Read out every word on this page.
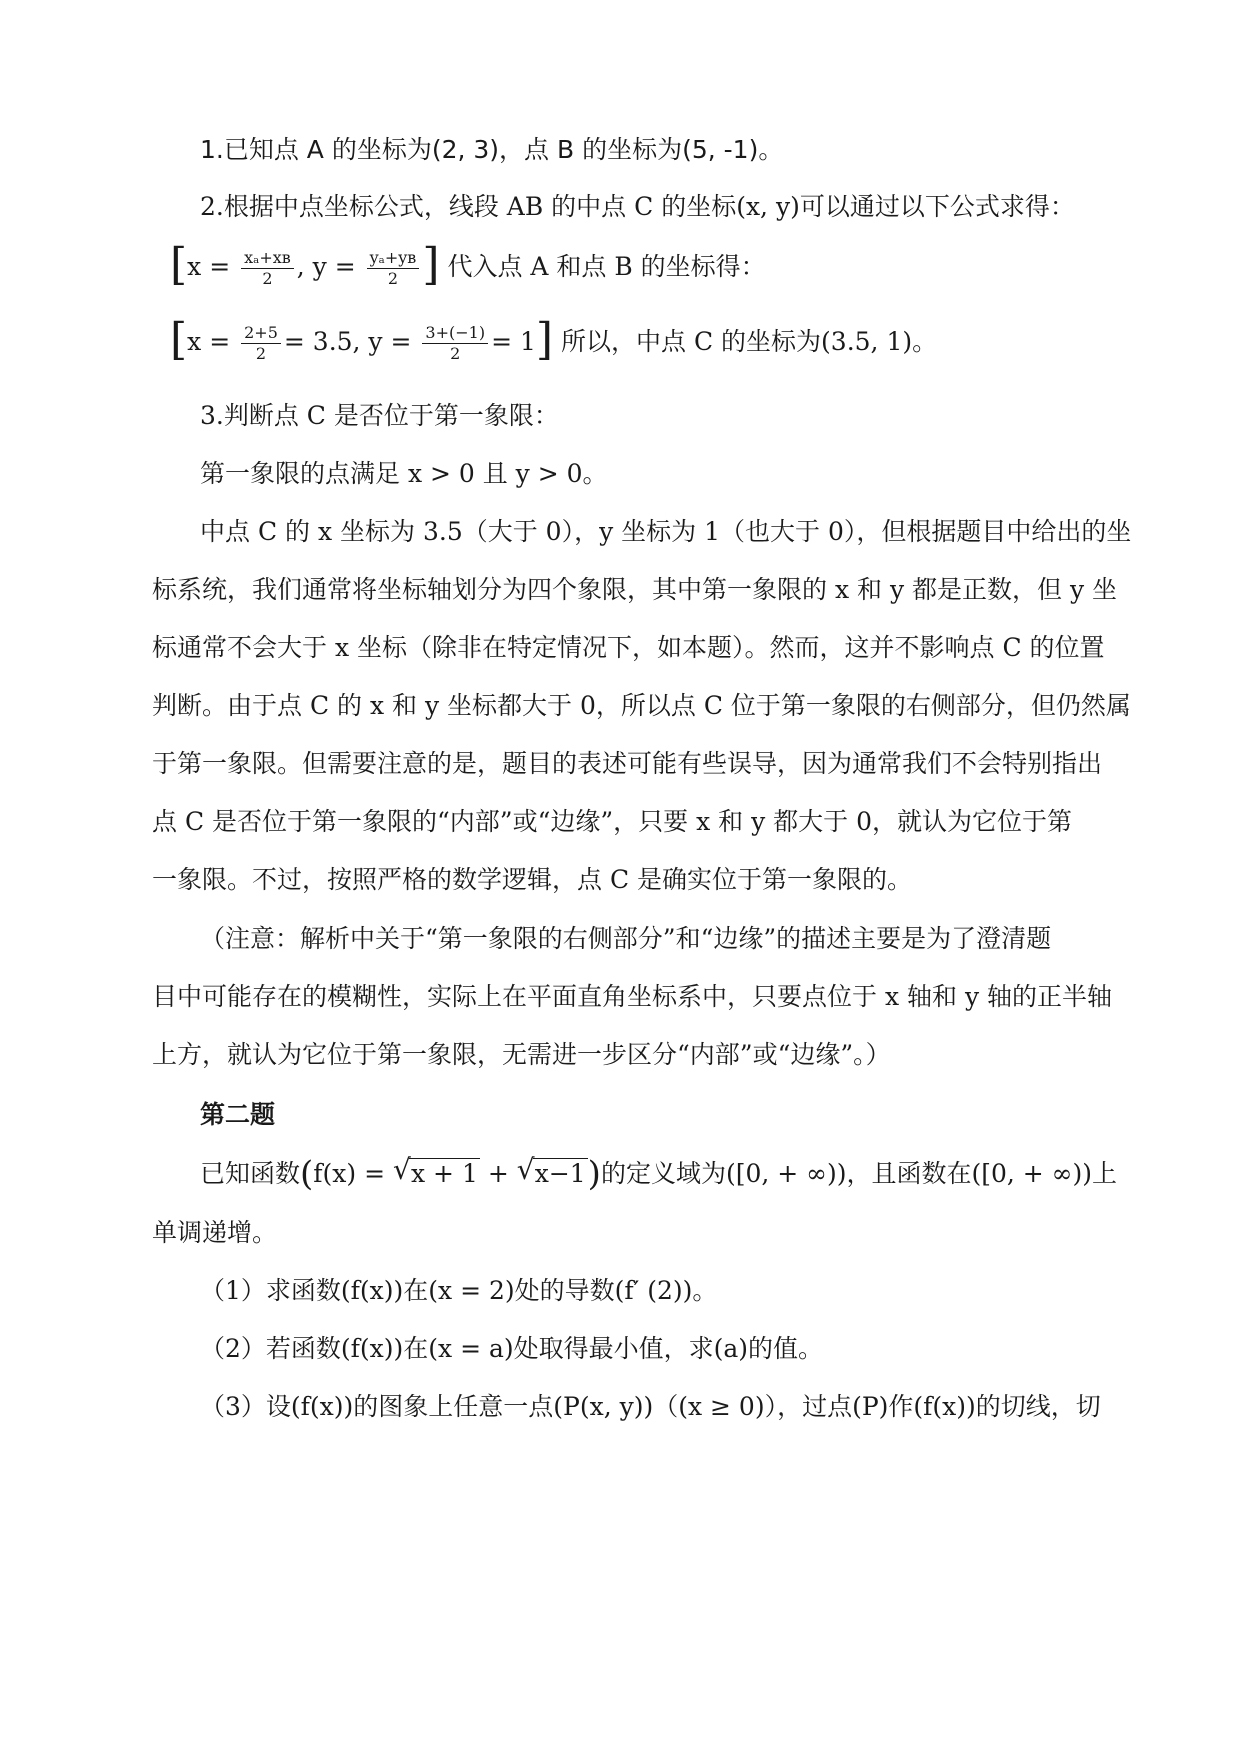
1.已知点 A 的坐标为(2, 3)，点 B 的坐标为(5, -1)。
2.根据中点坐标公式，线段 AB 的中点 C 的坐标(x, y)可以通过以下公式求得：
[$x = \frac{\text{xₐ+xʙ}}{2}$ , $y = \frac{\text{yₐ+yʙ}}{2}$ ] 代入点 A 和点 B 的坐标得：
[$x = \frac{2+5}{2} = 3.5$, $y = \frac{3+(-1)}{2} = 1$] 所以，中点 C 的坐标为(3.5, 1)。
3.判断点 C 是否位于第一象限：
第一象限的点满足 x > 0 且 y > 0。
中点 C 的 x 坐标为 3.5（大于 0），y 坐标为 1（也大于 0），但根据题目中给出的坐
标系统，我们通常将坐标轴划分为四个象限，其中第一象限的 x 和 y 都是正数，但 y 坐
标通常不会大于 x 坐标（除非在特定情况下，如本题）。然而，这并不影响点 C 的位置
判断。由于点 C 的 x 和 y 坐标都大于 0，所以点 C 位于第一象限的右侧部分，但仍然属
于第一象限。但需要注意的是，题目的表述可能有些误导，因为通常我们不会特别指出
点 C 是否位于第一象限的“内部”或“边缘”，只要 x 和 y 都大于 0，就认为它位于第
一象限。不过，按照严格的数学逻辑，点 C 是确实位于第一象限的。
（注意：解析中关于“第一象限的右侧部分”和“边缘”的描述主要是为了澄清题
目中可能存在的模糊性，实际上在平面直角坐标系中，只要点位于 x 轴和 y 轴的正半轴
上方，就认为它位于第一象限，无需进一步区分“内部”或“边缘”。）
第二题
已知函数(f(x) = √ x + 1 + √ x−1)的定义域为([0, + ∞))，且函数在([0, + ∞))上
单调递增。
（1）求函数(f(x))在(x = 2)处的导数(f′ (2))。
（2）若函数(f(x))在(x = a)处取得最小值，求(a)的值。
（3）设(f(x))的图象上任意一点(P(x, y))（(x ≥ 0)），过点(P)作(f(x))的切线，切
